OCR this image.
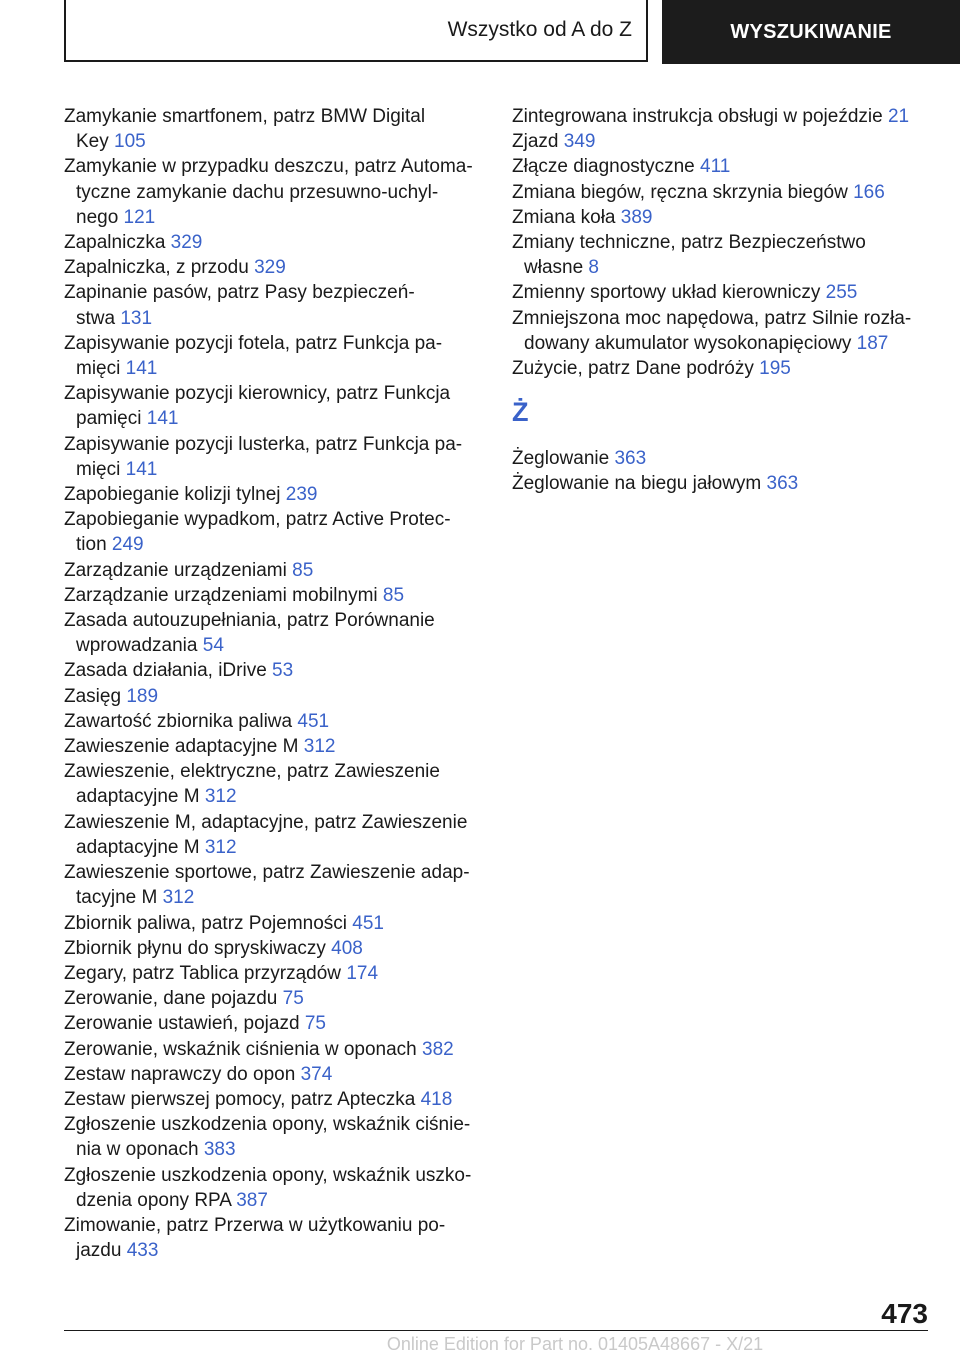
Wszystko od A do Z	WYSZUKIWANIE
Zamykanie smartfonem, patrz BMW Digital
Key 105
Zamykanie w przypadku deszczu, patrz Automa-
tyczne zamykanie dachu przesuwno-uchyl-
nego 121
Zapalniczka 329
Zapalniczka, z przodu 329
Zapinanie pasów, patrz Pasy bezpieczeń-
stwa 131
Zapisywanie pozycji fotela, patrz Funkcja pa-
mięci 141
Zapisywanie pozycji kierownicy, patrz Funkcja
pamięci 141
Zapisywanie pozycji lusterka, patrz Funkcja pa-
mięci 141
Zapobieganie kolizji tylnej 239
Zapobieganie wypadkom, patrz Active Protec-
tion 249
Zarządzanie urządzeniami 85
Zarządzanie urządzeniami mobilnymi 85
Zasada autouzupełniania, patrz Porównanie
wprowadzania 54
Zasada działania, iDrive 53
Zasięg 189
Zawartość zbiornika paliwa 451
Zawieszenie adaptacyjne M 312
Zawieszenie, elektryczne, patrz Zawieszenie
adaptacyjne M 312
Zawieszenie M, adaptacyjne, patrz Zawieszenie
adaptacyjne M 312
Zawieszenie sportowe, patrz Zawieszenie adap-
tacyjne M 312
Zbiornik paliwa, patrz Pojemności 451
Zbiornik płynu do spryskiwaczy 408
Zegary, patrz Tablica przyrządów 174
Zerowanie, dane pojazdu 75
Zerowanie ustawień, pojazd 75
Zerowanie, wskaźnik ciśnienia w oponach 382
Zestaw naprawczy do opon 374
Zestaw pierwszej pomocy, patrz Apteczka 418
Zgłoszenie uszkodzenia opony, wskaźnik ciśnie-
nia w oponach 383
Zgłoszenie uszkodzenia opony, wskaźnik uszko-
dzenia opony RPA 387
Zimowanie, patrz Przerwa w użytkowaniu po-
jazdu 433
Zintegrowana instrukcja obsługi w pojeździe 21
Zjazd 349
Złącze diagnostyczne 411
Zmiana biegów, ręczna skrzynia biegów 166
Zmiana koła 389
Zmiany techniczne, patrz Bezpieczeństwo
własne 8
Zmienny sportowy układ kierowniczy 255
Zmniejszona moc napędowa, patrz Silnie rozła-
dowany akumulator wysokonapięciowy 187
Zużycie, patrz Dane podróży 195
Ż
Żeglowanie 363
Żeglowanie na biegu jałowym 363
473
Online Edition for Part no. 01405A48667 - X/21
